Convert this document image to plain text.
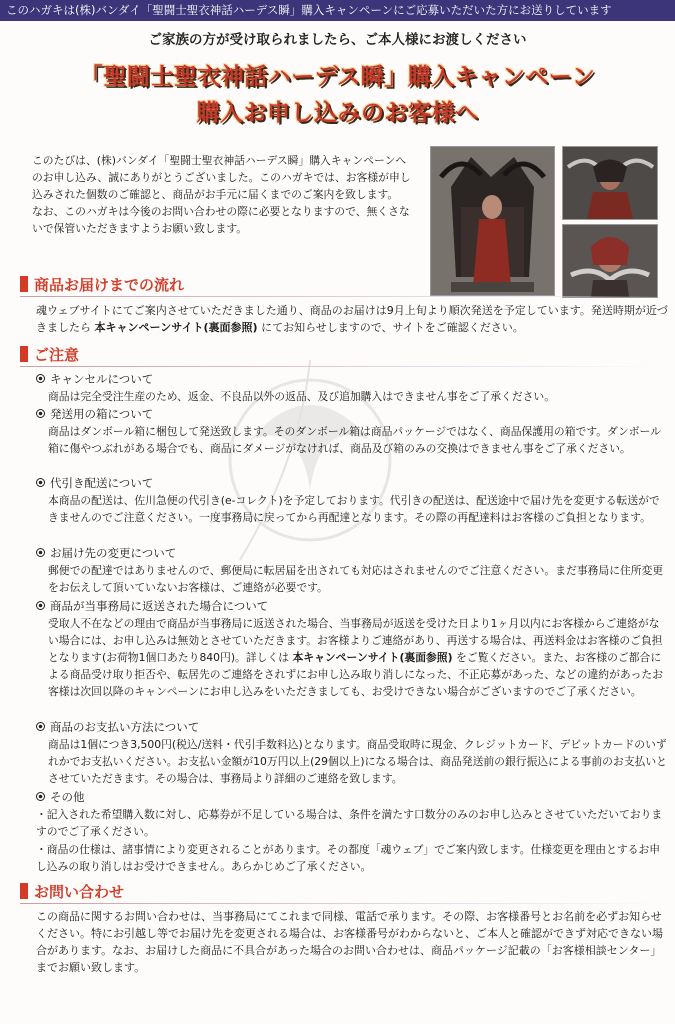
このハガキは(株)バンダイ「聖闘士聖衣神話ハーデス瞬」購入キャンペーンにご応募いただいた方にお送りしています
ご家族の方が受け取られましたら、ご本人様にお渡しください
「聖闘士聖衣神話ハーデス瞬」購入キャンペーン
購入お申し込みのお客様へ
このたびは、(株)バンダイ「聖闘士聖衣神話ハーデス瞬」購入キャンペーンへのお申し込み、誠にありがとうございました。このハガキでは、お客様が申し込みされた個数のご確認と、商品がお手元に届くまでのご案内を致します。 なお、このハガキは今後のお問い合わせの際に必要となりますので、無くさないで保管いただきますようお願い致します。
商品お届けまでの流れ
魂ウェブサイトにてご案内させていただきました通り、商品のお届けは9月上旬より順次発送を予定しています。発送時期が近づきましたら 本キャンペーンサイト(裏面参照) にてお知らせしますので、サイトをご確認ください。
ご注意
キャンセルについて
商品は完全受注生産のため、返金、不良品以外の返品、及び追加購入はできません事をご了承ください。
発送用の箱について
商品はダンボール箱に梱包して発送致します。そのダンボール箱は商品パッケージではなく、商品保護用の箱です。ダンボール箱に傷やつぶれがある場合でも、商品にダメージがなければ、商品及び箱のみの交換はできません事をご了承ください。
代引き配送について
本商品の配送は、佐川急便の代引き(e-コレクト)を予定しております。代引きの配送は、配送途中で届け先を変更する転送ができませんのでご注意ください。一度事務局に戻ってから再配達となります。その際の再配達料はお客様のご負担となります。
お届け先の変更について
郵便での配達ではありませんので、郵便局に転居届を出されても対応はされませんのでご注意ください。まだ事務局に住所変更をお伝えして頂いていないお客様は、ご連絡が必要です。
商品が当事務局に返送された場合について
受取人不在などの理由で商品が当事務局に返送された場合、当事務局が返送を受けた日より1ヶ月以内にお客様からご連絡がない場合には、お申し込みは無効とさせていただきます。お客様よりご連絡があり、再送する場合は、再送料金はお客様のご負担となります(お荷物1個口あたり840円)。詳しくは 本キャンペーンサイト(裏面参照) をご覧ください。また、お客様のご都合による商品受け取り拒否や、転居先のご連絡をされずにお申し込み取り消しになった、不正応募があった、などの違約があったお客様は次回以降のキャンペーンにお申し込みをいただきましても、お受けできない場合がございますのでご了承ください。
商品のお支払い方法について
商品は1個につき3,500円(税込/送料・代引手数料込)となります。商品受取時に現金、クレジットカード、デビットカードのいずれかでお支払いください。お支払い金額が10万円以上(29個以上)になる場合は、商品発送前の銀行振込による事前のお支払いとさせていただきます。その場合は、事務局より詳細のご連絡を致します。
その他
・記入された希望購入数に対し、応募券が不足している場合は、条件を満たす口数分のみのお申し込みとさせていただいておりますのでご了承ください。
・商品の仕様は、諸事情により変更されることがあります。その都度「魂ウェブ」でご案内致します。仕様変更を理由とするお申し込みの取り消しはお受けできません。あらかじめご了承ください。
お問い合わせ
この商品に関するお問い合わせは、当事務局にてこれまで同様、電話で承ります。その際、お客様番号とお名前を必ずお知らせください。特にお引越し等でお届け先を変更される場合は、お客様番号がわからないと、ご本人と確認ができず対応できない場合があります。なお、お届けした商品に不具合があった場合のお問い合わせは、商品パッケージ記載の「お客様相談センター」までお願い致します。
